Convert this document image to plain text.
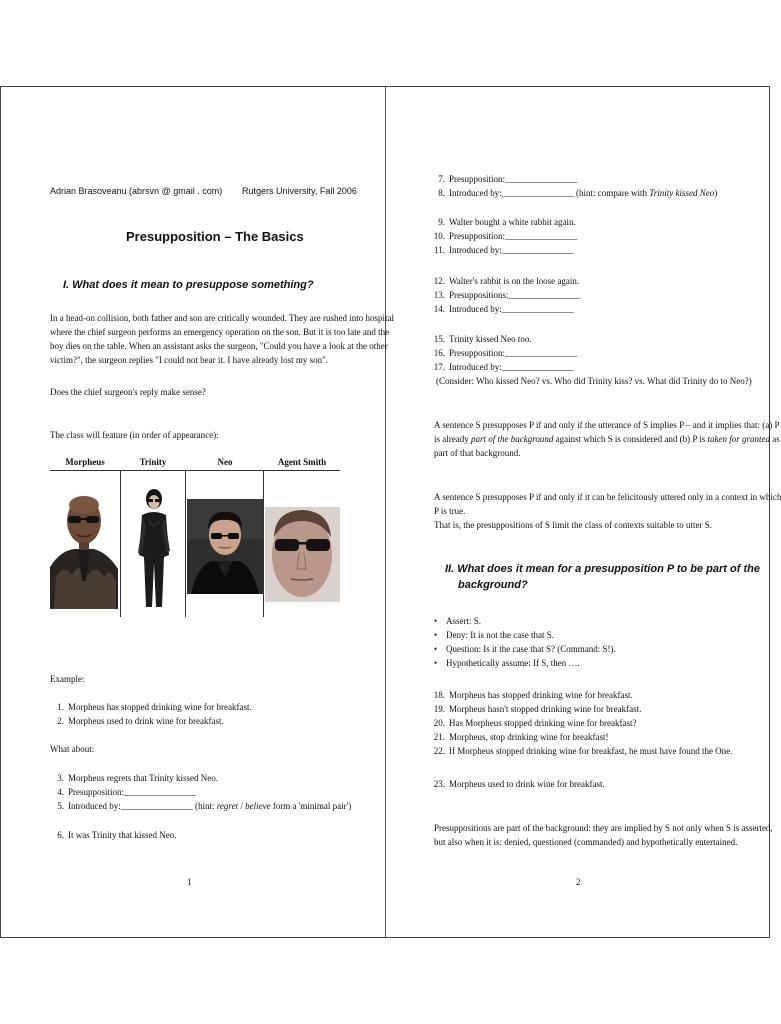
Adrian Brasoveanu (abrsvn @ gmail . com) Rutgers University, Fall 2006
Presupposition – The Basics
I. What does it mean to presuppose something?
In a head-on collision, both father and son are critically wounded. They are rushed into hospital
where the chief surgeon performs an emergency operation on the son. But it is too late and the
boy dies on the table. When an assistant asks the surgeon, "Could you have a look at the other
victim?", the surgeon replies "I could not bear it. I have already lost my son".
Does the chief surgeon's reply make sense?
The class will feature (in order of appearance):
Morpheus	Trinity	Neo	Agent Smith
Example:
1. Morpheus has stopped drinking wine for breakfast.
2. Morpheus used to drink wine for breakfast.
What about:
3. Morpheus regrets that Trinity kissed Neo.
4. Presupposition:________________
5. Introduced by:________________ (hint: regret / believe form a 'minimal pair')
6. It was Trinity that kissed Neo.
1
7. Presupposition:________________
8. Introduced by:________________ (hint: compare with Trinity kissed Neo)
9. Walter bought a white rabbit again.
10. Presupposition:________________
11. Introduced by:________________
12. Walter's rabbit is on the loose again.
13. Presuppositions:________________
14. Introduced by:________________
15. Trinity kissed Neo too.
16. Presupposition:________________
17. Introduced by:________________
(Consider: Who kissed Neo? vs. Who did Trinity kiss? vs. What did Trinity do to Neo?)
A sentence S presupposes P if and only if the utterance of S implies P – and it implies that: (a) P
is already part of the background against which S is considered and (b) P is taken for granted as
part of that background.
A sentence S presupposes P if and only if it can be felicitously uttered only in a context in which
P is true.
That is, the presuppositions of S limit the class of contexts suitable to utter S.
II. What does it mean for a presupposition P to be part of the
background?
• Assert: S.
• Deny: It is not the case that S.
• Question: Is it the case that S? (Command: S!).
• Hypothetically assume: If S, then ….
18. Morpheus has stopped drinking wine for breakfast.
19. Morpheus hasn't stopped drinking wine for breakfast.
20. Has Morpheus stopped drinking wine for breakfast?
21. Morpheus, stop drinking wine for breakfast!
22. If Morpheus stopped drinking wine for breakfast, he must have found the One.
23. Morpheus used to drink wine for breakfast.
Presuppositions are part of the background: they are implied by S not only when S is asserted,
but also when it is: denied, questioned (commanded) and hypothetically entertained.
2
